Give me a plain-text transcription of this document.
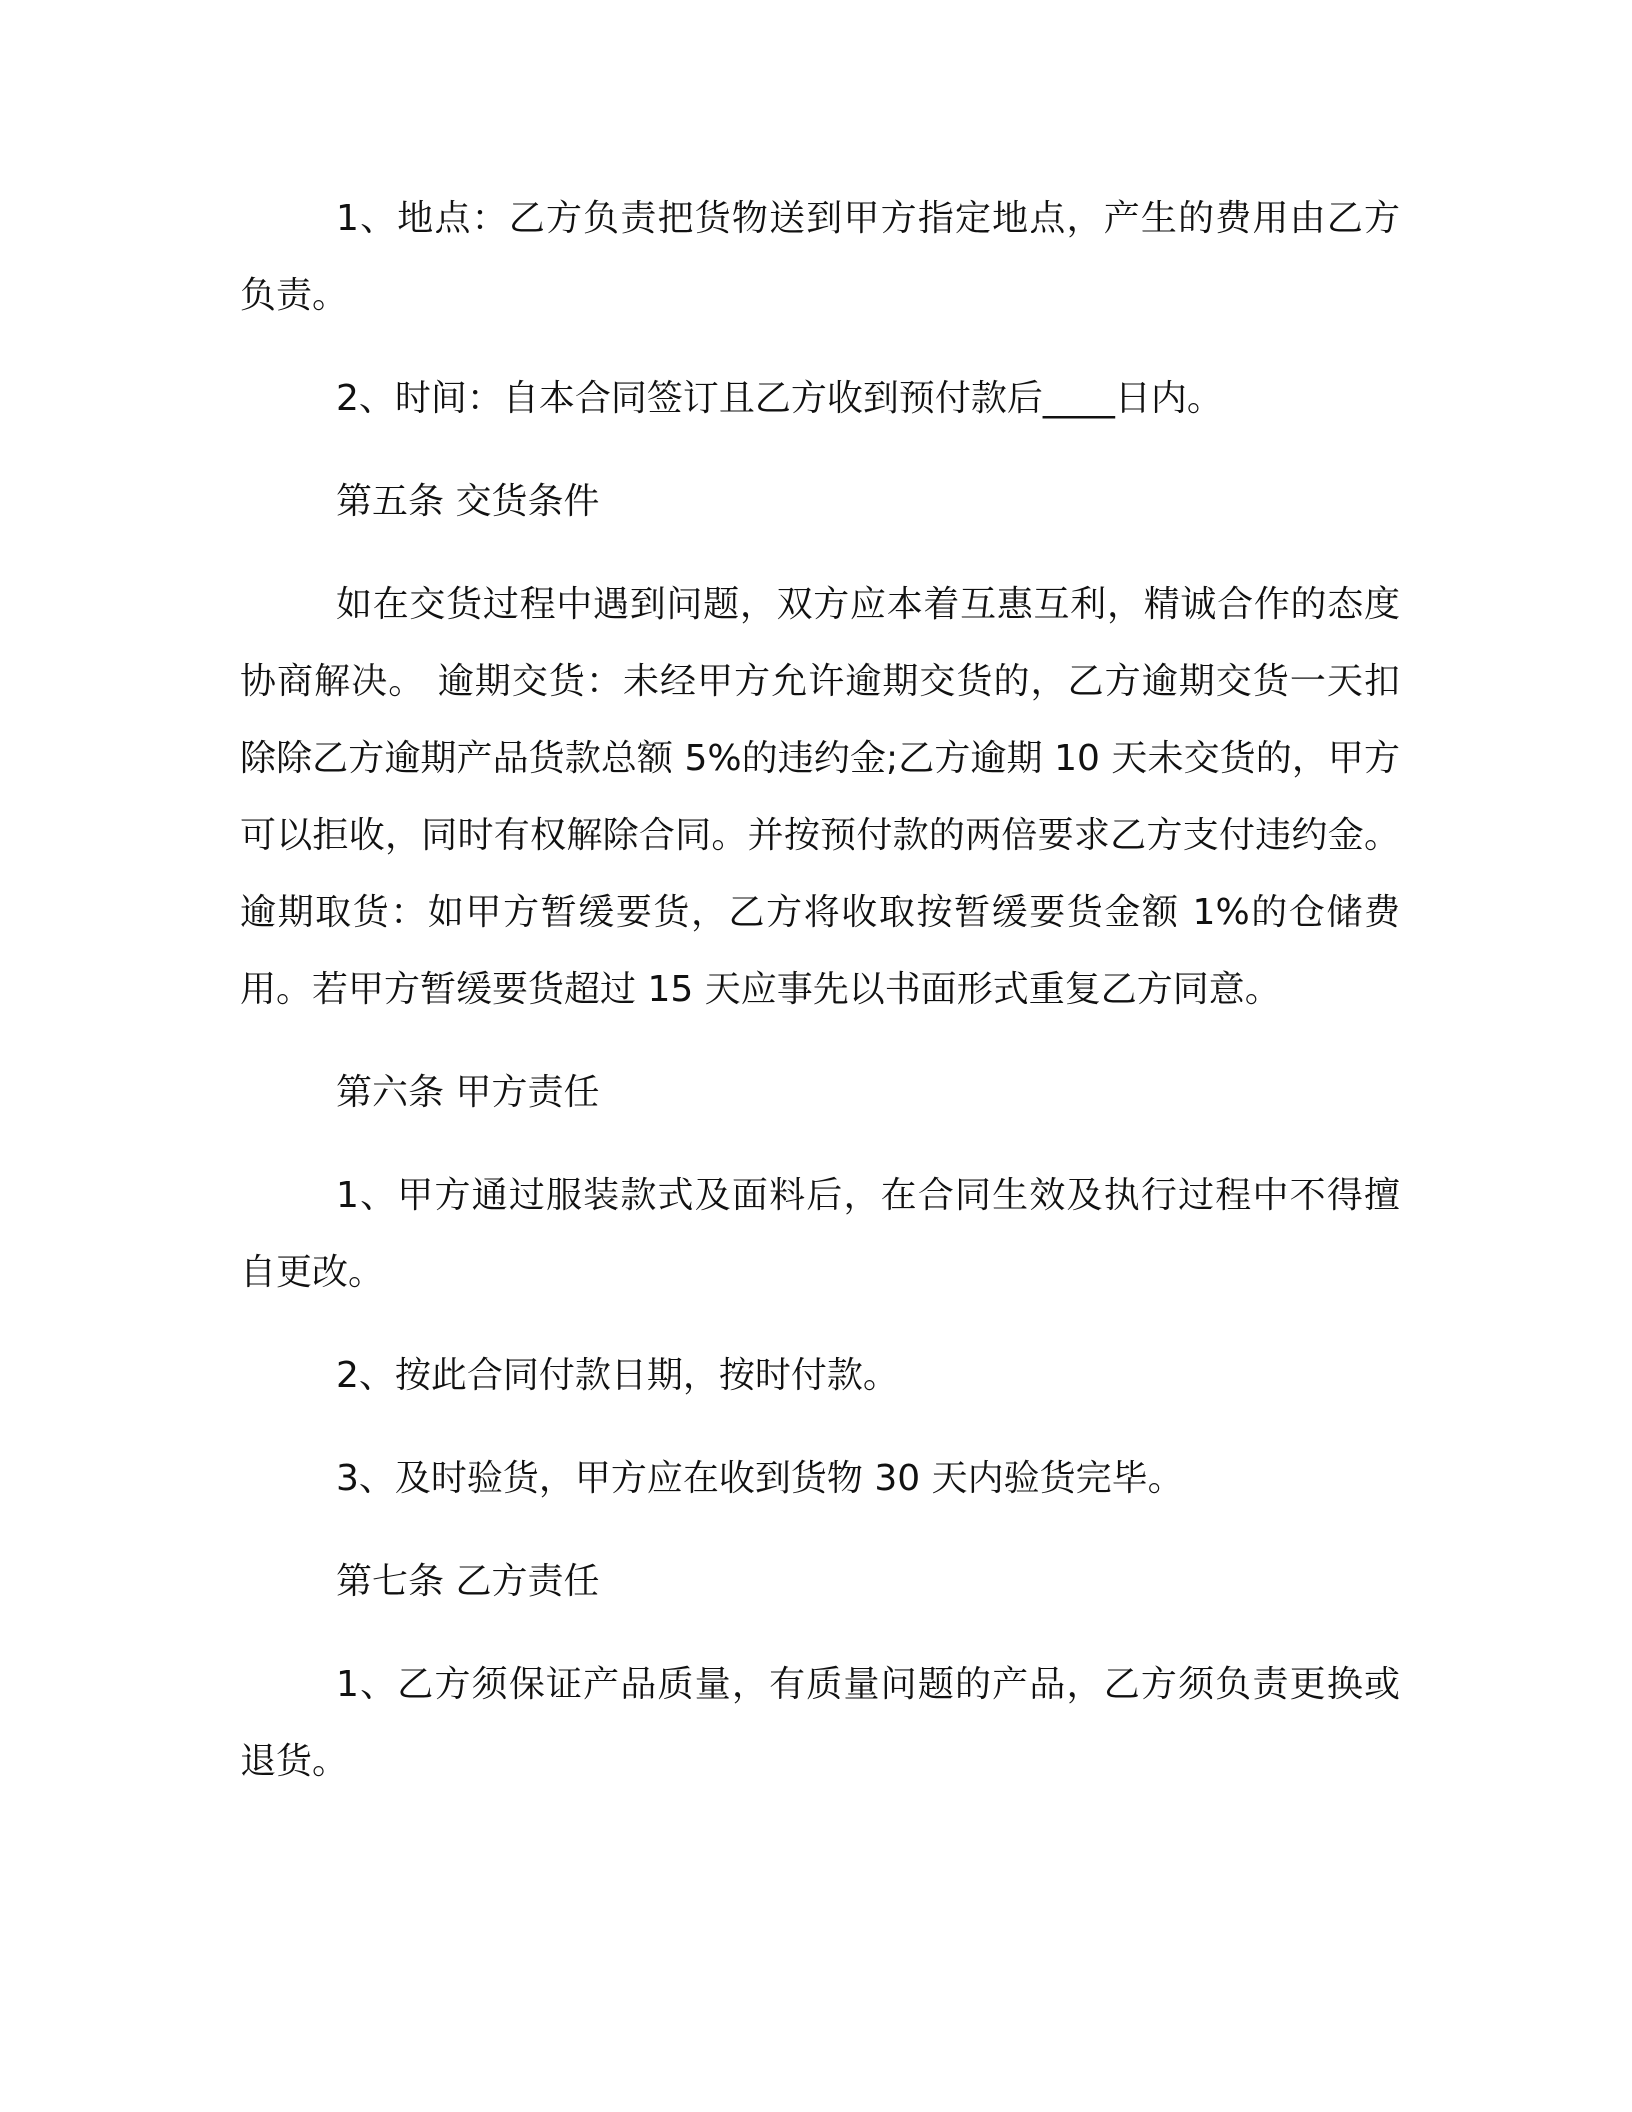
1、地点：乙方负责把货物送到甲方指定地点，产生的费用由乙方负责。

2、时间：自本合同签订且乙方收到预付款后____日内。

第五条 交货条件

如在交货过程中遇到问题，双方应本着互惠互利，精诚合作的态度协商解决。 逾期交货：未经甲方允许逾期交货的，乙方逾期交货一天扣除除乙方逾期产品货款总额 5%的违约金;乙方逾期 10 天未交货的，甲方可以拒收，同时有权解除合同。并按预付款的两倍要求乙方支付违约金。逾期取货：如甲方暂缓要货，乙方将收取按暂缓要货金额 1%的仓储费用。若甲方暂缓要货超过 15 天应事先以书面形式重复乙方同意。

第六条 甲方责任

1、甲方通过服装款式及面料后，在合同生效及执行过程中不得擅自更改。

2、按此合同付款日期，按时付款。

3、及时验货，甲方应在收到货物 30 天内验货完毕。

第七条 乙方责任

1、乙方须保证产品质量，有质量问题的产品，乙方须负责更换或退货。
